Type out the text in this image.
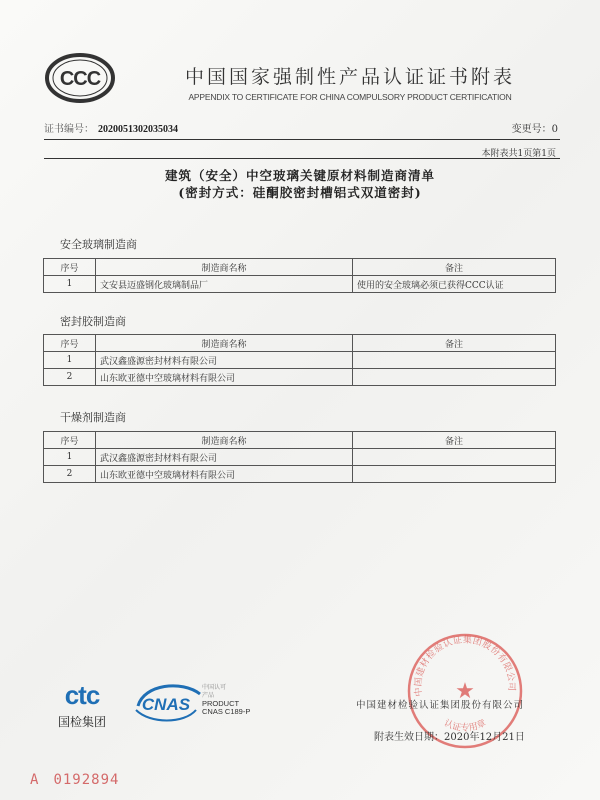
CCC	中国国家强制性产品认证证书附表
APPENDIX TO CERTIFICATE FOR CHINA COMPULSORY PRODUCT CERTIFICATION
证书编号： 2020051302035034	变更号：0
本附表共1页第1页
建筑（安全）中空玻璃关键原材料制造商清单
(密封方式：硅酮胶密封槽铝式双道密封)
安全玻璃制造商
序号	制造商名称	备注
1	文安县迈盛钢化玻璃制品厂	使用的安全玻璃必须已获得CCC认证
密封胶制造商
序号	制造商名称	备注
1	武汉鑫盛源密封材料有限公司	
2	山东欧亚德中空玻璃材料有限公司	
干燥剂制造商
序号	制造商名称	备注
1	武汉鑫盛源密封材料有限公司	
2	山东欧亚德中空玻璃材料有限公司	
ctc
国检集团
CNAS
中国认可
产品
PRODUCT
CNAS C189-P
中国建材检验认证集团股份有限公司
★
认证专用章
中国建材检验认证集团股份有限公司
附表生效日期：2020年12月21日
A 0192894
